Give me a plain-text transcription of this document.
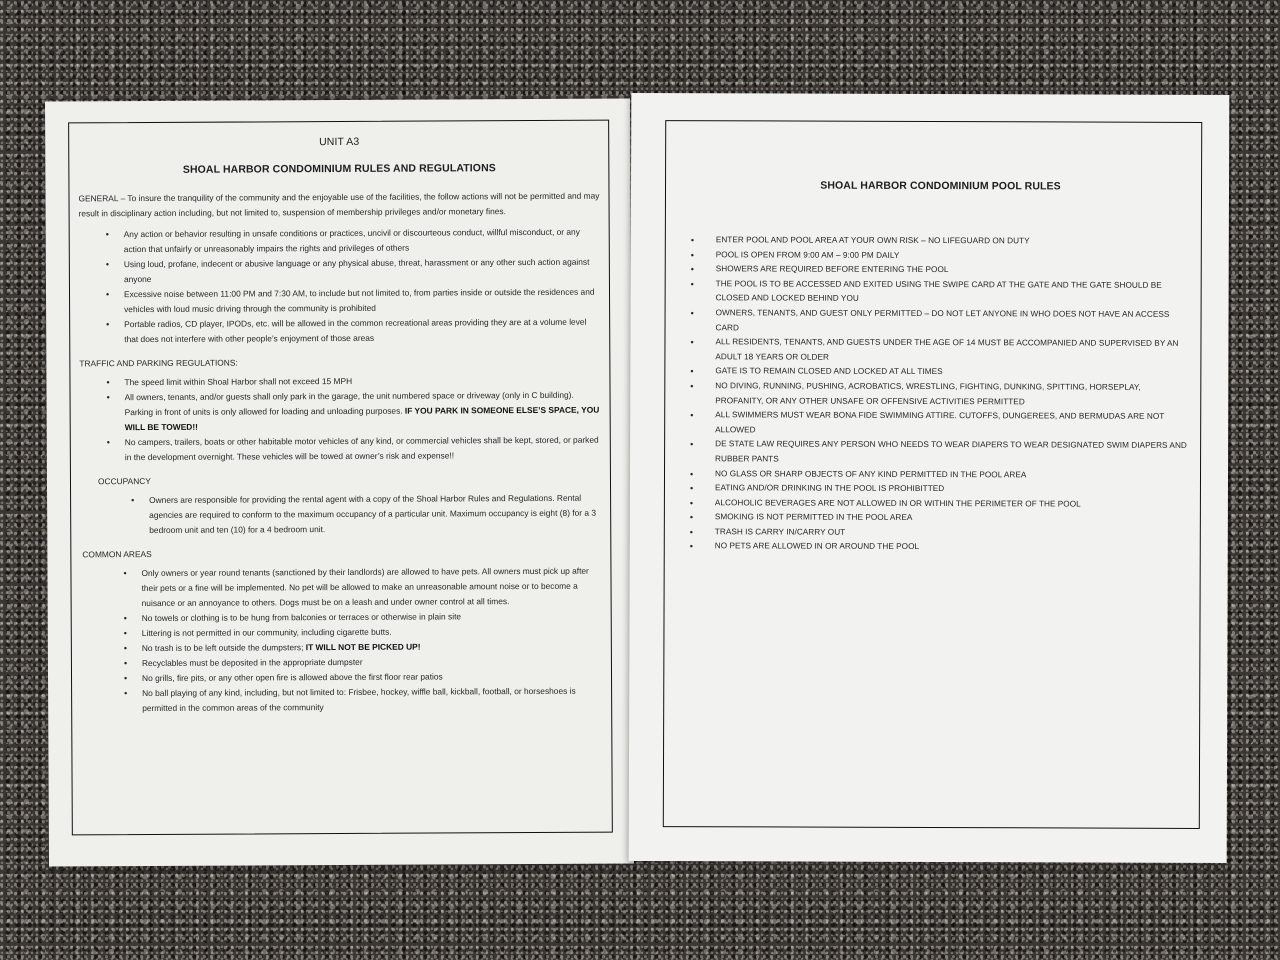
UNIT A3
SHOAL HARBOR CONDOMINIUM RULES AND REGULATIONS

GENERAL – To insure the tranquility of the community and the enjoyable use of the facilities, the follow actions will not be permitted and may result in disciplinary action including, but not limited to, suspension of membership privileges and/or monetary fines.

• Any action or behavior resulting in unsafe conditions or practices, uncivil or discourteous conduct, willful misconduct, or any action that unfairly or unreasonably impairs the rights and privileges of others
• Using loud, profane, indecent or abusive language or any physical abuse, threat, harassment or any other such action against anyone
• Excessive noise between 11:00 PM and 7:30 AM, to include but not limited to, from parties inside or outside the residences and vehicles with loud music driving through the community is prohibited
• Portable radios, CD player, IPODs, etc. will be allowed in the common recreational areas providing they are at a volume level that does not interfere with other people’s enjoyment of those areas
TRAFFIC AND PARKING REGULATIONS:
• The speed limit within Shoal Harbor shall not exceed 15 MPH
• All owners, tenants, and/or guests shall only park in the garage, the unit numbered space or driveway (only in C building). Parking in front of units is only allowed for loading and unloading purposes. IF YOU PARK IN SOMEONE ELSE’S SPACE, YOU WILL BE TOWED!!
• No campers, trailers, boats or other habitable motor vehicles of any kind, or commercial vehicles shall be kept, stored, or parked in the development overnight. These vehicles will be towed at owner’s risk and expense!!
OCCUPANCY
• Owners are responsible for providing the rental agent with a copy of the Shoal Harbor Rules and Regulations. Rental agencies are required to conform to the maximum occupancy of a particular unit. Maximum occupancy is eight (8) for a 3 bedroom unit and ten (10) for a 4 bedroom unit.
COMMON AREAS
• Only owners or year round tenants (sanctioned by their landlords) are allowed to have pets. All owners must pick up after their pets or a fine will be implemented. No pet will be allowed to make an unreasonable amount noise or to become a nuisance or an annoyance to others. Dogs must be on a leash and under owner control at all times.
• No towels or clothing is to be hung from balconies or terraces or otherwise in plain site
• Littering is not permitted in our community, including cigarette butts.
• No trash is to be left outside the dumpsters; IT WILL NOT BE PICKED UP!
• Recyclables must be deposited in the appropriate dumpster
• No grills, fire pits, or any other open fire is allowed above the first floor rear patios
• No ball playing of any kind, including, but not limited to: Frisbee, hockey, wiffle ball, kickball, football, or horseshoes is permitted in the common areas of the community
SHOAL HARBOR CONDOMINIUM POOL RULES
• ENTER POOL AND POOL AREA AT YOUR OWN RISK – NO LIFEGUARD ON DUTY
• POOL IS OPEN FROM 9:00 AM – 9:00 PM DAILY
• SHOWERS ARE REQUIRED BEFORE ENTERING THE POOL
• THE POOL IS TO BE ACCESSED AND EXITED USING THE SWIPE CARD AT THE GATE AND THE GATE SHOULD BE CLOSED AND LOCKED BEHIND YOU
• OWNERS, TENANTS, AND GUEST ONLY PERMITTED – DO NOT LET ANYONE IN WHO DOES NOT HAVE AN ACCESS CARD
• ALL RESIDENTS, TENANTS, AND GUESTS UNDER THE AGE OF 14 MUST BE ACCOMPANIED AND SUPERVISED BY AN ADULT 18 YEARS OR OLDER
• GATE IS TO REMAIN CLOSED AND LOCKED AT ALL TIMES
• NO DIVING, RUNNING, PUSHING, ACROBATICS, WRESTLING, FIGHTING, DUNKING, SPITTING, HORSEPLAY, PROFANITY, OR ANY OTHER UNSAFE OR OFFENSIVE ACTIVITIES PERMITTED
• ALL SWIMMERS MUST WEAR BONA FIDE SWIMMING ATTIRE. CUTOFFS, DUNGEREES, AND BERMUDAS ARE NOT ALLOWED
• DE STATE LAW REQUIRES ANY PERSON WHO NEEDS TO WEAR DIAPERS TO WEAR DESIGNATED SWIM DIAPERS AND RUBBER PANTS
• NO GLASS OR SHARP OBJECTS OF ANY KIND PERMITTED IN THE POOL AREA
• EATING AND/OR DRINKING IN THE POOL IS PROHIBITTED
• ALCOHOLIC BEVERAGES ARE NOT ALLOWED IN OR WITHIN THE PERIMETER OF THE POOL
• SMOKING IS NOT PERMITTED IN THE POOL AREA
• TRASH IS CARRY IN/CARRY OUT
• NO PETS ARE ALLOWED IN OR AROUND THE POOL
